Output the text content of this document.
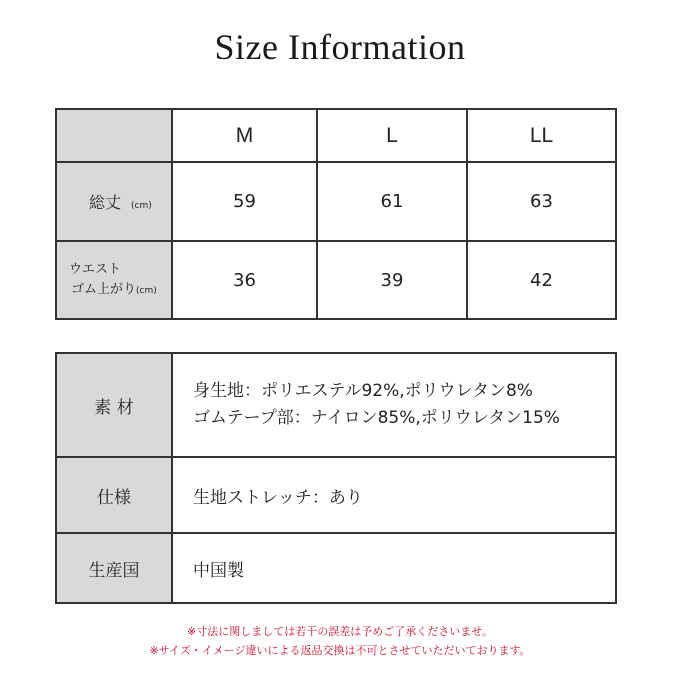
Size Information
	M	L	LL
総丈 (cm)	59	61	63

ウエスト
ゴム上がり(cm)	36	39	42
素 材	身生地：ポリエステル92%,ポリウレタン8%
ゴムテープ部：ナイロン85%,ポリウレタン15%

仕様	生地ストレッチ：あり
生産国	中国製
※寸法に関しましては若干の誤差は予めご了承くださいませ。
※サイズ・イメージ違いによる返品交換は不可とさせていただいております。
